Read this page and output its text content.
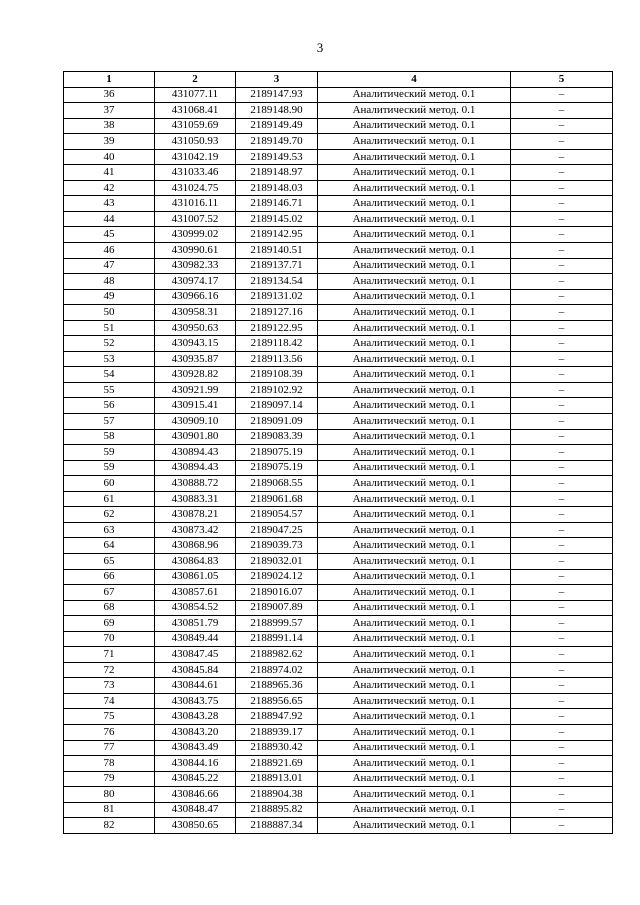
3
1	2	3	4	5
36	431077.11	2189147.93	Аналитический метод. 0.1	–
37	431068.41	2189148.90	Аналитический метод. 0.1	–
38	431059.69	2189149.49	Аналитический метод. 0.1	–
39	431050.93	2189149.70	Аналитический метод. 0.1	–
40	431042.19	2189149.53	Аналитический метод. 0.1	–
41	431033.46	2189148.97	Аналитический метод. 0.1	–
42	431024.75	2189148.03	Аналитический метод. 0.1	–
43	431016.11	2189146.71	Аналитический метод. 0.1	–
44	431007.52	2189145.02	Аналитический метод. 0.1	–
45	430999.02	2189142.95	Аналитический метод. 0.1	–
46	430990.61	2189140.51	Аналитический метод. 0.1	–
47	430982.33	2189137.71	Аналитический метод. 0.1	–
48	430974.17	2189134.54	Аналитический метод. 0.1	–
49	430966.16	2189131.02	Аналитический метод. 0.1	–
50	430958.31	2189127.16	Аналитический метод. 0.1	–
51	430950.63	2189122.95	Аналитический метод. 0.1	–
52	430943.15	2189118.42	Аналитический метод. 0.1	–
53	430935.87	2189113.56	Аналитический метод. 0.1	–
54	430928.82	2189108.39	Аналитический метод. 0.1	–
55	430921.99	2189102.92	Аналитический метод. 0.1	–
56	430915.41	2189097.14	Аналитический метод. 0.1	–
57	430909.10	2189091.09	Аналитический метод. 0.1	–
58	430901.80	2189083.39	Аналитический метод. 0.1	–
59	430894.43	2189075.19	Аналитический метод. 0.1	–
59	430894.43	2189075.19	Аналитический метод. 0.1	–
60	430888.72	2189068.55	Аналитический метод. 0.1	–
61	430883.31	2189061.68	Аналитический метод. 0.1	–
62	430878.21	2189054.57	Аналитический метод. 0.1	–
63	430873.42	2189047.25	Аналитический метод. 0.1	–
64	430868.96	2189039.73	Аналитический метод. 0.1	–
65	430864.83	2189032.01	Аналитический метод. 0.1	–
66	430861.05	2189024.12	Аналитический метод. 0.1	–
67	430857.61	2189016.07	Аналитический метод. 0.1	–
68	430854.52	2189007.89	Аналитический метод. 0.1	–
69	430851.79	2188999.57	Аналитический метод. 0.1	–
70	430849.44	2188991.14	Аналитический метод. 0.1	–
71	430847.45	2188982.62	Аналитический метод. 0.1	–
72	430845.84	2188974.02	Аналитический метод. 0.1	–
73	430844.61	2188965.36	Аналитический метод. 0.1	–
74	430843.75	2188956.65	Аналитический метод. 0.1	–
75	430843.28	2188947.92	Аналитический метод. 0.1	–
76	430843.20	2188939.17	Аналитический метод. 0.1	–
77	430843.49	2188930.42	Аналитический метод. 0.1	–
78	430844.16	2188921.69	Аналитический метод. 0.1	–
79	430845.22	2188913.01	Аналитический метод. 0.1	–
80	430846.66	2188904.38	Аналитический метод. 0.1	–
81	430848.47	2188895.82	Аналитический метод. 0.1	–
82	430850.65	2188887.34	Аналитический метод. 0.1	–
